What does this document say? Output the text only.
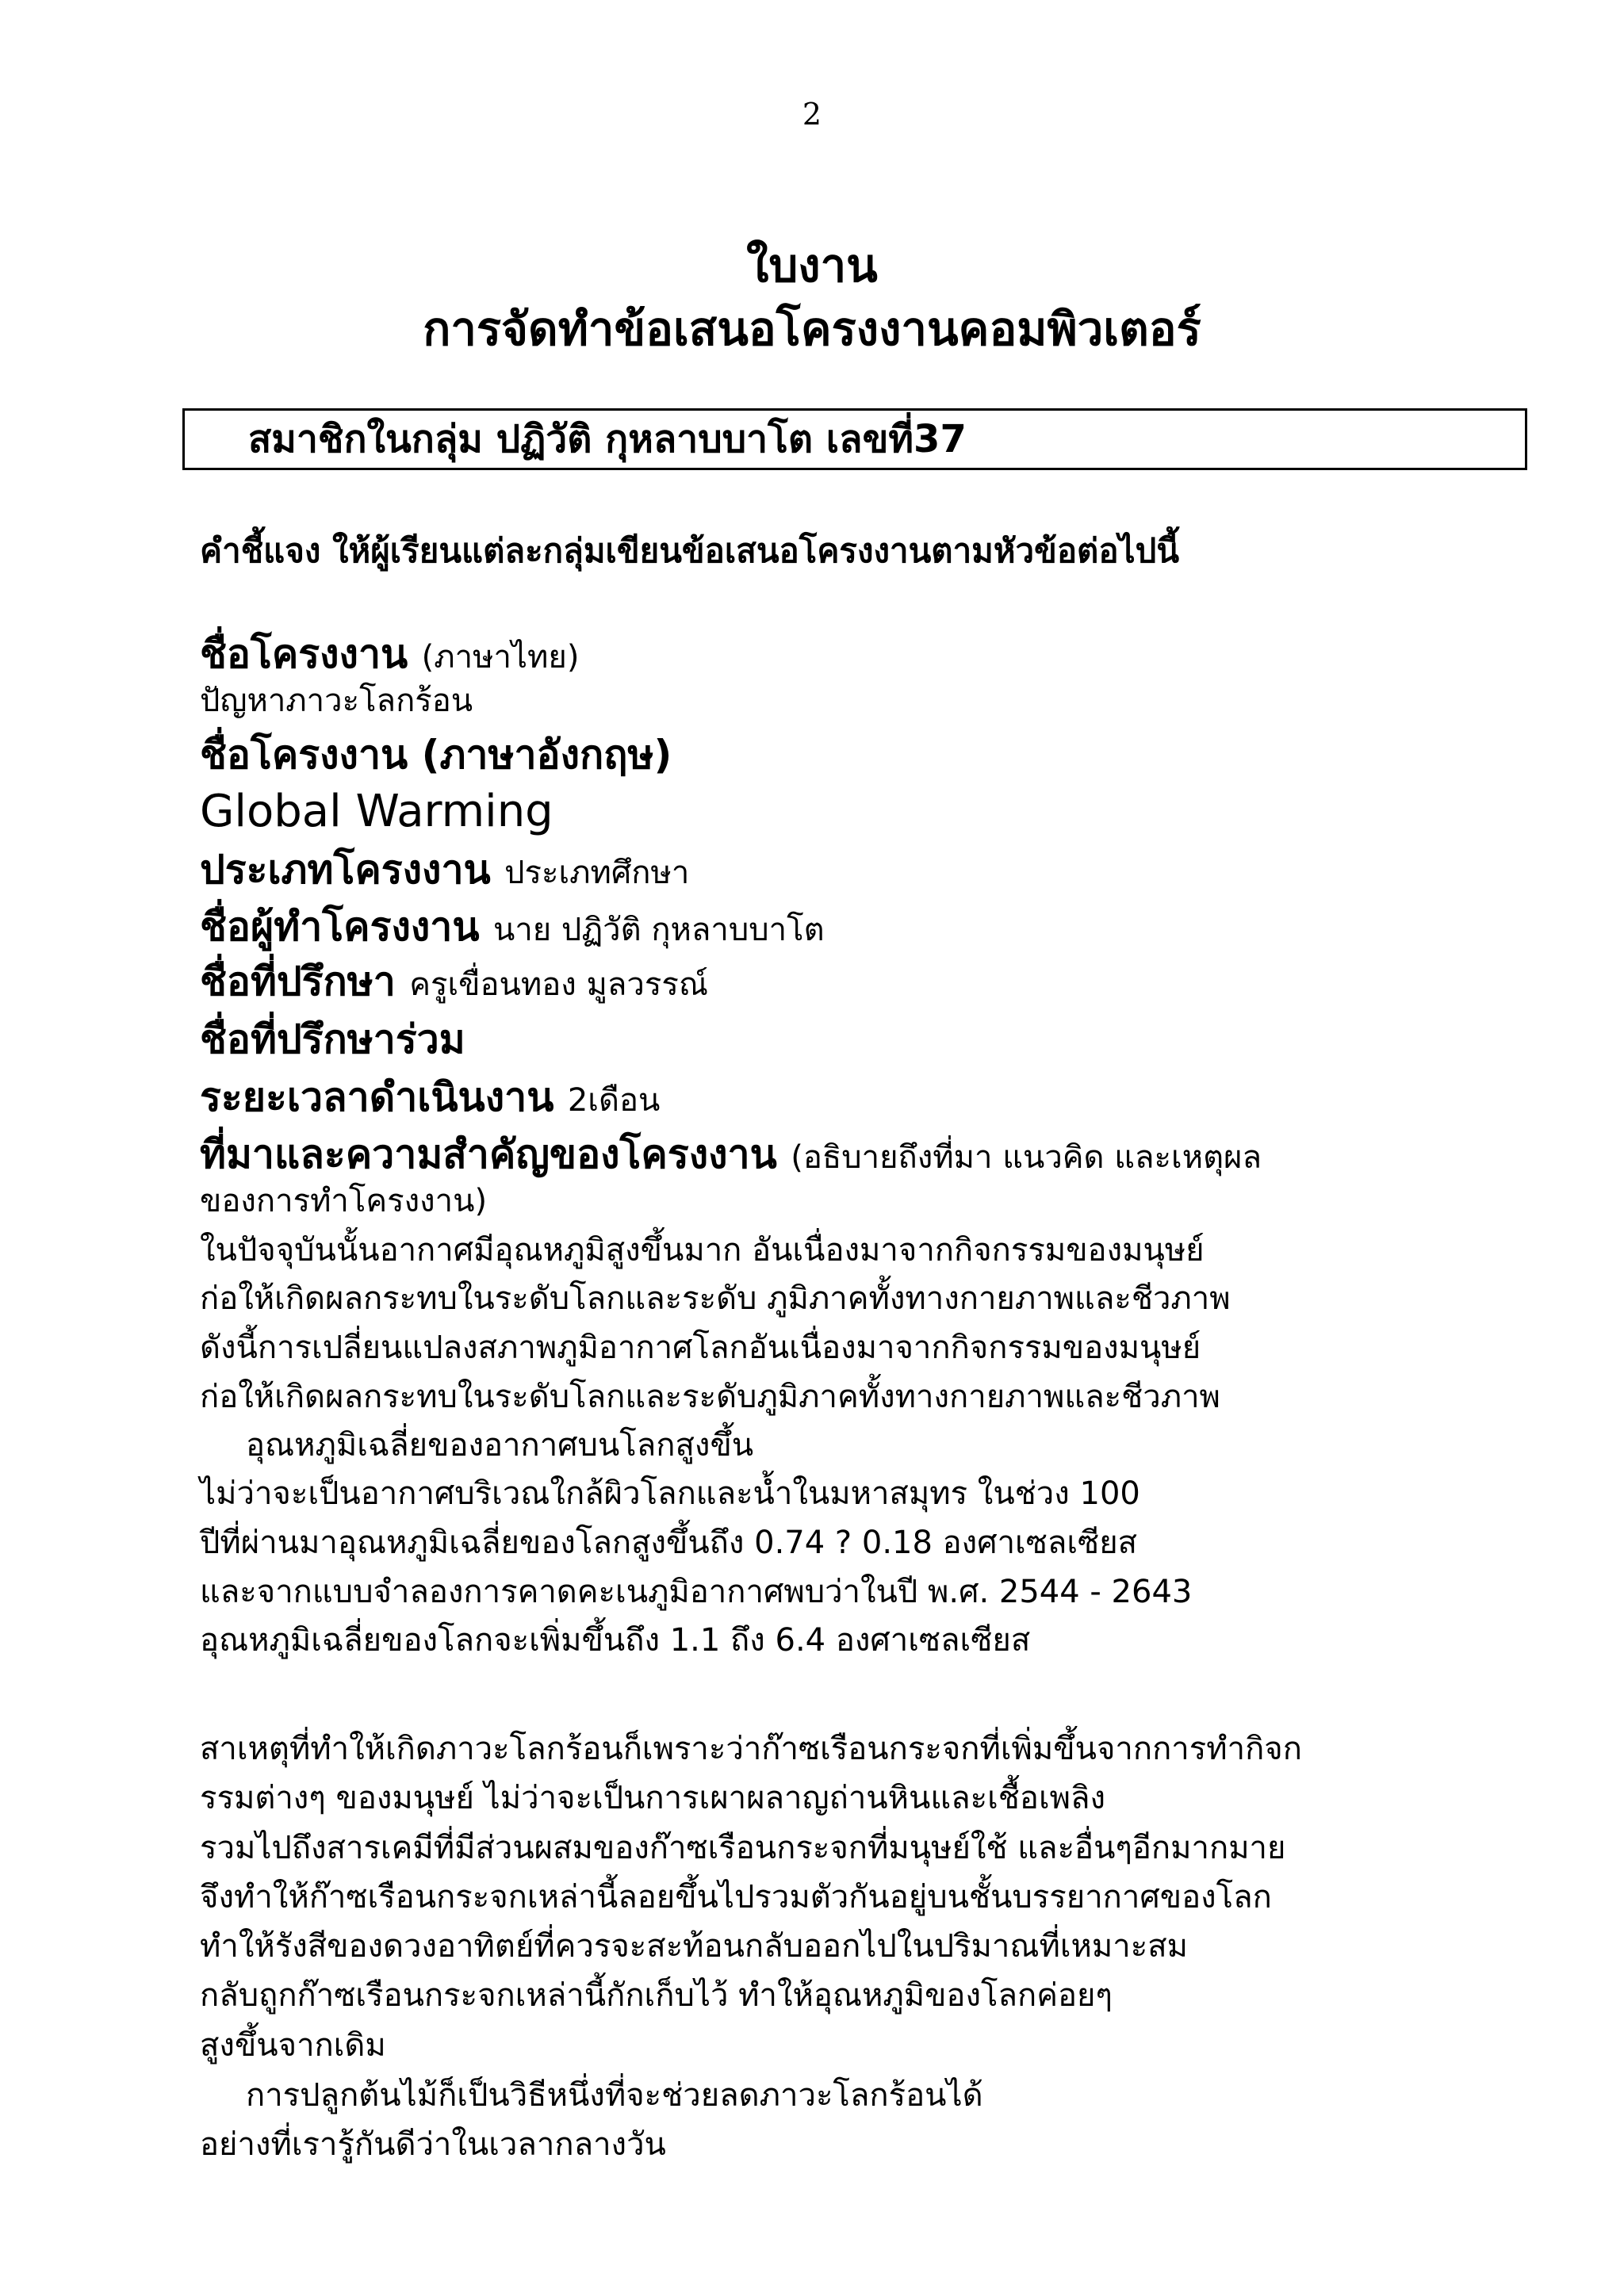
2
ใบงาน
การจัดทำข้อเสนอโครงงานคอมพิวเตอร์
สมาชิกในกลุ่ม ปฏิวัติ กุหลาบบาโต เลขที่37
คำชี้แจง ให้ผู้เรียนแต่ละกลุ่มเขียนข้อเสนอโครงงานตามหัวข้อต่อไปนี้
ชื่อโครงงาน (ภาษาไทย)
ปัญหาภาวะโลกร้อน
ชื่อโครงงาน (ภาษาอังกฤษ)
Global Warming
ประเภทโครงงาน ประเภทศึกษา
ชื่อผู้ทำโครงงาน นาย ปฏิวัติ กุหลาบบาโต
ชื่อที่ปรึกษา ครูเขื่อนทอง มูลวรรณ์
ชื่อที่ปรึกษาร่วม
ระยะเวลาดำเนินงาน 2เดือน
ที่มาและความสำคัญของโครงงาน (อธิบายถึงที่มา แนวคิด และเหตุผล
ของการทำโครงงาน)
ในปัจจุบันนั้นอากาศมีอุณหภูมิสูงขึ้นมาก อันเนื่องมาจากกิจกรรมของมนุษย์
ก่อให้เกิดผลกระทบในระดับโลกและระดับ ภูมิภาคทั้งทางกายภาพและชีวภาพ
ดังนี้การเปลี่ยนแปลงสภาพภูมิอากาศโลกอันเนื่องมาจากกิจกรรมของมนุษย์
ก่อให้เกิดผลกระทบในระดับโลกและระดับภูมิภาคทั้งทางกายภาพและชีวภาพ
อุณหภูมิเฉลี่ยของอากาศบนโลกสูงขึ้น
ไม่ว่าจะเป็นอากาศบริเวณใกล้ผิวโลกและน้ำในมหาสมุทร ในช่วง 100
ปีที่ผ่านมาอุณหภูมิเฉลี่ยของโลกสูงขึ้นถึง 0.74 ? 0.18 องศาเซลเซียส
และจากแบบจำลองการคาดคะเนภูมิอากาศพบว่าในปี พ.ศ. 2544 - 2643
อุณหภูมิเฉลี่ยของโลกจะเพิ่มขึ้นถึง 1.1 ถึง 6.4 องศาเซลเซียส
สาเหตุที่ทำให้เกิดภาวะโลกร้อนก็เพราะว่าก๊าซเรือนกระจกที่เพิ่มขึ้นจากการทำกิจก
รรมต่างๆ ของมนุษย์ ไม่ว่าจะเป็นการเผาผลาญถ่านหินและเชื้อเพลิง
รวมไปถึงสารเคมีที่มีส่วนผสมของก๊าซเรือนกระจกที่มนุษย์ใช้ และอื่นๆอีกมากมาย
จึงทำให้ก๊าซเรือนกระจกเหล่านี้ลอยขึ้นไปรวมตัวกันอยู่บนชั้นบรรยากาศของโลก
ทำให้รังสีของดวงอาทิตย์ที่ควรจะสะท้อนกลับออกไปในปริมาณที่เหมาะสม
กลับถูกก๊าซเรือนกระจกเหล่านี้กักเก็บไว้ ทำให้อุณหภูมิของโลกค่อยๆ
สูงขึ้นจากเดิม
การปลูกต้นไม้ก็เป็นวิธีหนึ่งที่จะช่วยลดภาวะโลกร้อนได้
อย่างที่เรารู้กันดีว่าในเวลากลางวัน
